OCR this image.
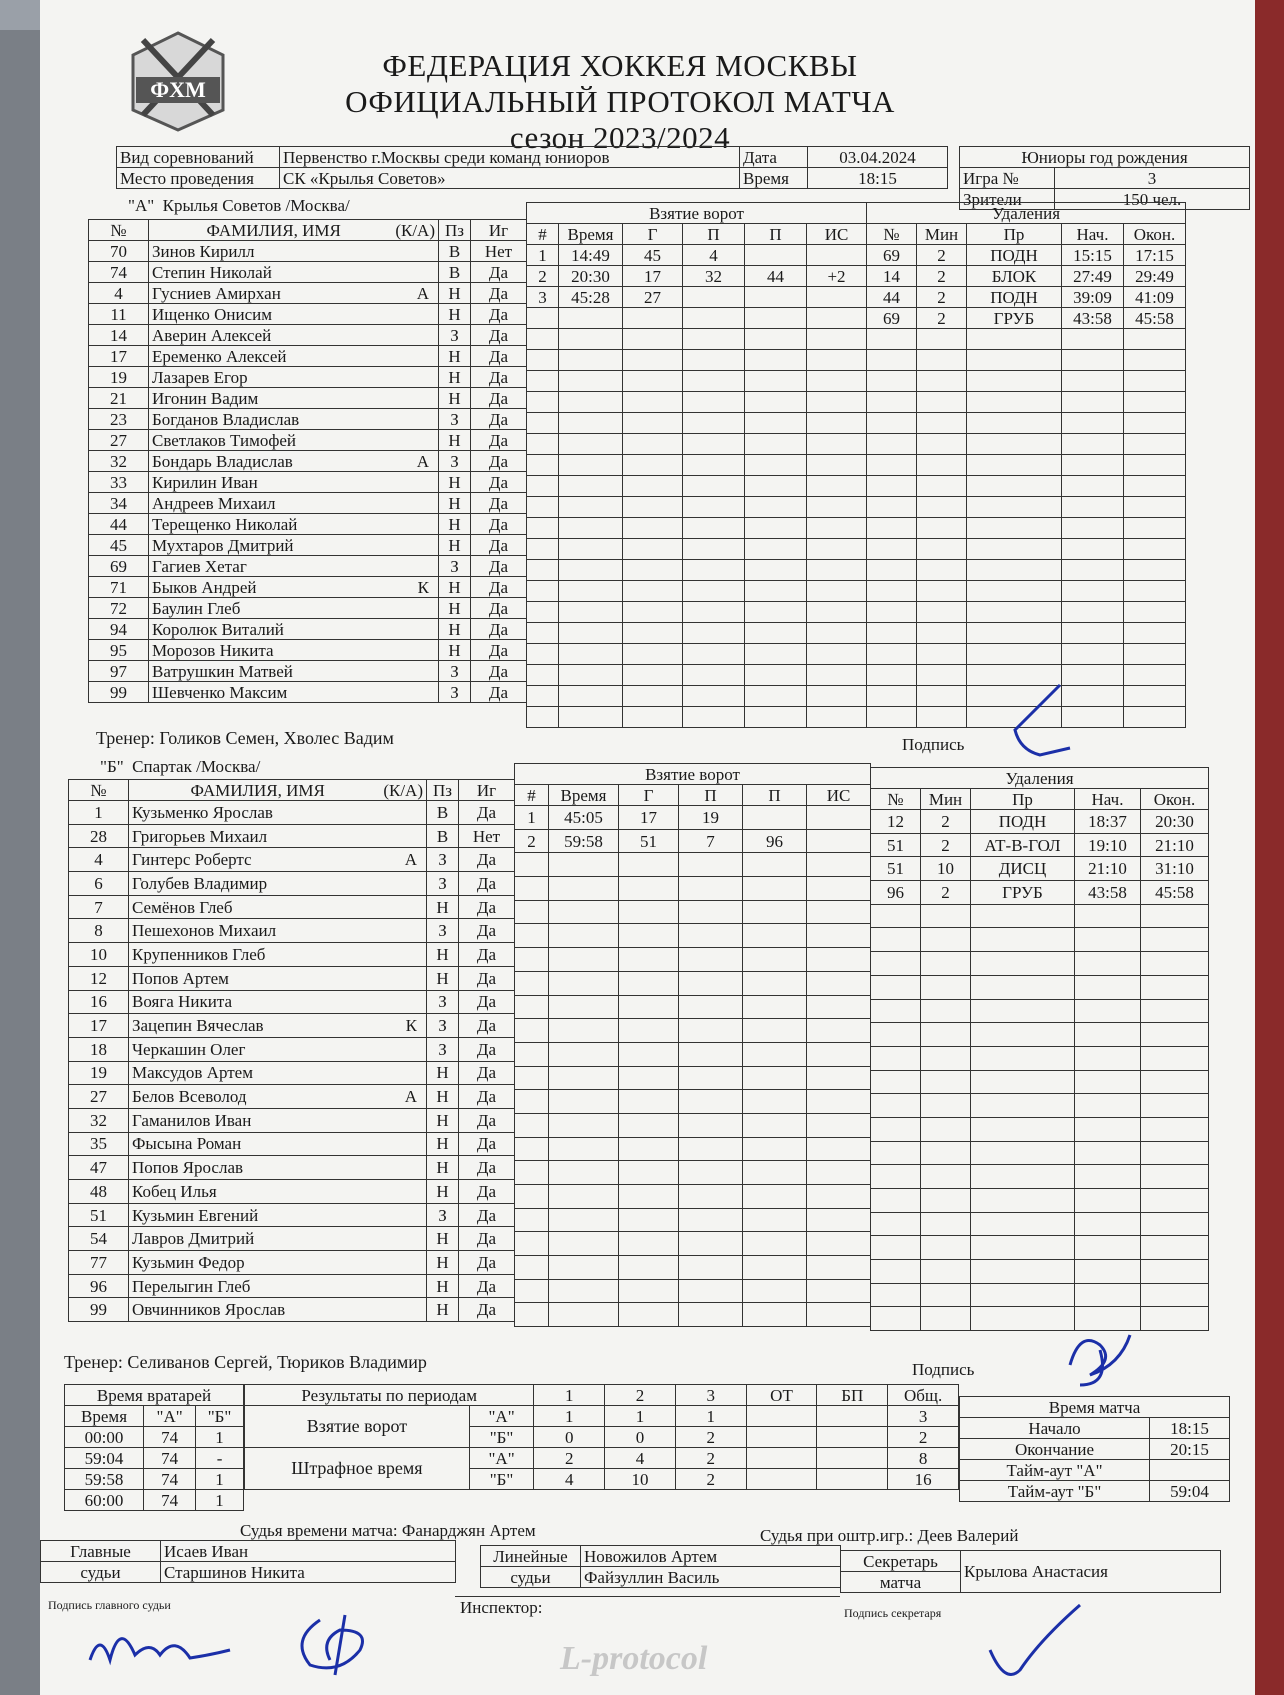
ФХМ
ФЕДЕРАЦИЯ ХОККЕЯ МОСКВЫ
ОФИЦИАЛЬНЫЙ ПРОТОКОЛ МАТЧА
сезон 2023/2024
Вид соревнований	Первенство г.Москвы среди команд юниоров	Дата	03.04.2024		Юниоры год рождения	
Место проведения	СК «Крылья Советов»	Время	18:15		Игра №	3
					Зрители	150 чел.
"А" Крылья Советов /Москва/
№	ФАМИЛИЯ, ИМЯ (К/А)	Пз	Иг
70	Зинов Кирилл	В	Нет
74	Степин Николай	В	Да
4	Гусниев Амирхан А	Н	Да
11	Ищенко Онисим	Н	Да
14	Аверин Алексей	З	Да
17	Еременко Алексей	Н	Да
19	Лазарев Егор	Н	Да
21	Игонин Вадим	Н	Да
23	Богданов Владислав	З	Да
27	Светлаков Тимофей	Н	Да
32	Бондарь Владислав А	З	Да
33	Кирилин Иван	Н	Да
34	Андреев Михаил	Н	Да
44	Терещенко Николай	Н	Да
45	Мухтаров Дмитрий	Н	Да
69	Гагиев Хетаг	З	Да
71	Быков Андрей К	Н	Да
72	Баулин Глеб	Н	Да
94	Королюк Виталий	Н	Да
95	Морозов Никита	Н	Да
97	Ватрушкин Матвей	З	Да
99	Шевченко Максим	З	Да
Взятие ворот					
#	Время	Г	П	П	ИС
1	14:49	45	4		
2	20:30	17	32	44	+2
3	45:28	27			

Удаления				
№	Мин	Пр	Нач.	Окон.
69	2	ПОДН	15:15	17:15
14	2	БЛОК	27:49	29:49
44	2	ПОДН	39:09	41:09
69	2	ГРУБ	43:58	45:58

Тренер: Голиков Семен, Хволес Вадим	Подпись
"Б" Спартак /Москва/
№	ФАМИЛИЯ, ИМЯ (К/А)	Пз	Иг
1	Кузьменко Ярослав	В	Да
28	Григорьев Михаил	В	Нет
4	Гинтерс Робертс А	З	Да
6	Голубев Владимир	З	Да
7	Семёнов Глеб	Н	Да
8	Пешехонов Михаил	З	Да
10	Крупенников Глеб	Н	Да
12	Попов Артем	Н	Да
16	Вояга Никита	З	Да
17	Зацепин Вячеслав К	З	Да
18	Черкашин Олег	З	Да
19	Максудов Артем	Н	Да
27	Белов Всеволод А	Н	Да
32	Гаманилов Иван	Н	Да
35	Фысына Роман	Н	Да
47	Попов Ярослав	Н	Да
48	Кобец Илья	Н	Да
51	Кузьмин Евгений	З	Да
54	Лавров Дмитрий	Н	Да
77	Кузьмин Федор	Н	Да
96	Перелыгин Глеб	Н	Да
99	Овчинников Ярослав	Н	Да
Взятие ворот					
#	Время	Г	П	П	ИС
1	45:05	17	19		
2	59:58	51	7	96	

Удаления				
№	Мин	Пр	Нач.	Окон.
12	2	ПОДН	18:37	20:30
51	2	АТ-В-ГОЛ	19:10	21:10
51	10	ДИСЦ	21:10	31:10
96	2	ГРУБ	43:58	45:58

Тренер: Селиванов Сергей, Тюриков Владимир	Подпись
Время вратарей		
Время	"А"	"Б"
00:00	74	1
59:04	74	-
59:58	74	1
60:00	74	1
Результаты по периодам		1	2	3	ОТ	БП	Общ.
Взятие ворот	"А"	1	1	1			3
	"Б"	0	0	2			2
Штрафное время	"А"	2	4	2			8
	"Б"	4	10	2			16
Время матча	
Начало	18:15
Окончание	20:15
Тайм-аут "А"	
Тайм-аут "Б"	59:04
Судья времени матча: Фанарджян Артем	Судья при оштр.игр.: Деев Валерий
Главные	Исаев Иван
судьи	Старшинов Никита
Линейные	Новожилов Артем
судьи	Файзуллин Василь
Секретарь	Крылова Анастасия
матча
Инспектор:
Подпись главного судьи
Подпись секретаря
L-protocol
